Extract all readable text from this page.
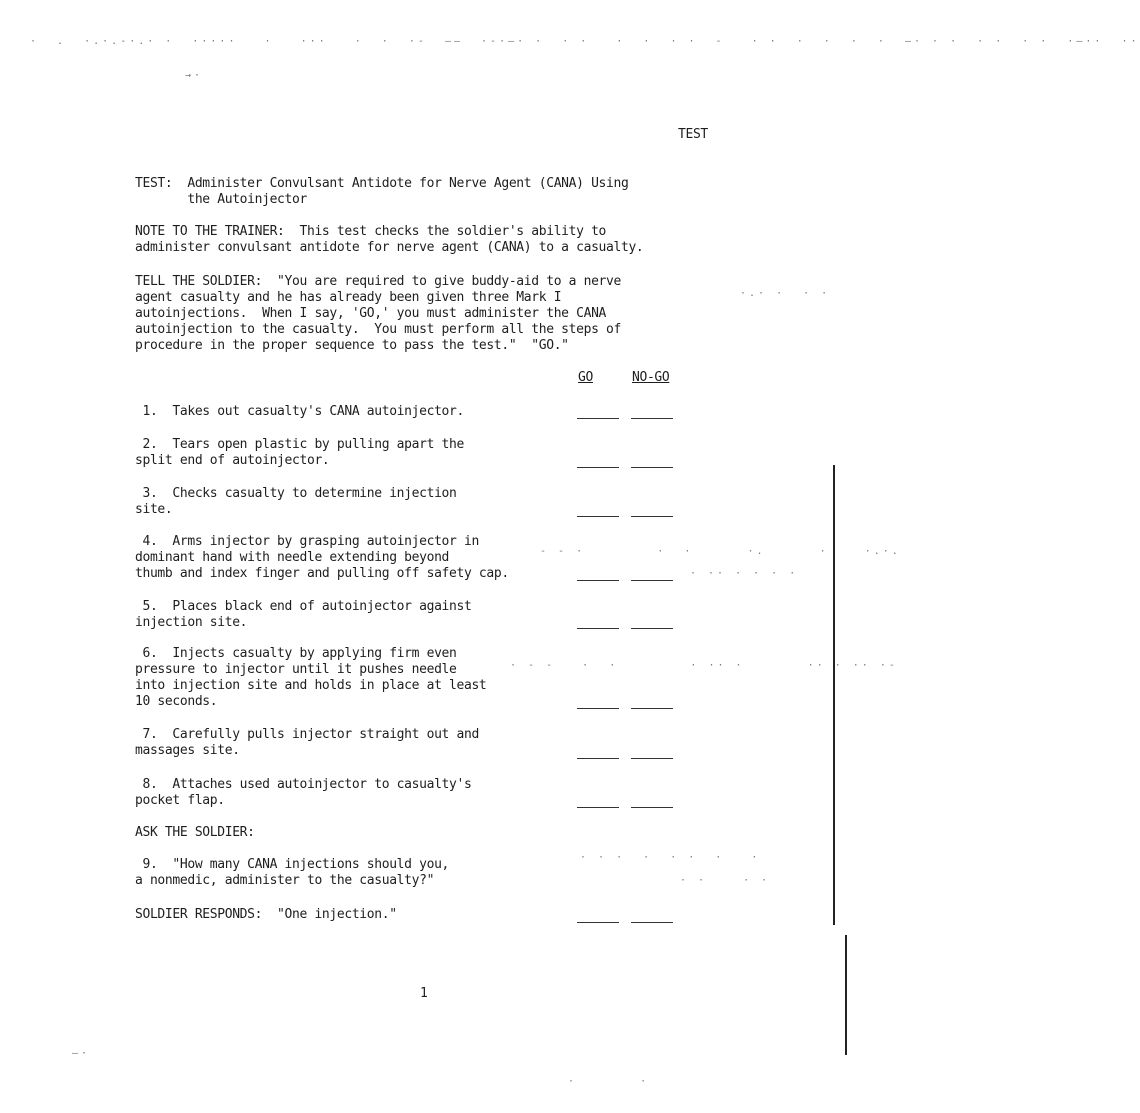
·  .  ·.·.-·.· ·  ·····   ·   ···   ·  ·  ·-  ——  ·-·—· ·  · ·   ·  ·  · ·  -   · ·  ·  ·  ·  ·  —· · ·  · ·  · ·  ·—··  ··
→·
TEST

TEST:  Administer Convulsant Antidote for Nerve Agent (CANA) Using

the Autoinjector

NOTE TO THE TRAINER:  This test checks the soldier's ability to

administer convulsant antidote for nerve agent (CANA) to a casualty.

TELL THE SOLDIER:  "You are required to give buddy-aid to a nerve

agent casualty and he has already been given three Mark I

autoinjections.  When I say, 'GO,' you must administer the CANA

autoinjection to the casualty.  You must perform all the steps of

procedure in the proper sequence to pass the test."  "GO."

GO	NO-GO

1.  Takes out casualty's CANA autoinjector.

2.  Tears open plastic by pulling apart the

split end of autoinjector.

3.  Checks casualty to determine injection

site.

4.  Arms injector by grasping autoinjector in

dominant hand with needle extending beyond

thumb and index finger and pulling off safety cap.

5.  Places black end of autoinjector against

injection site.

6.  Injects casualty by applying firm even

pressure to injector until it pushes needle

into injection site and holds in place at least

10 seconds.

7.  Carefully pulls injector straight out and

massages site.

8.  Attaches used autoinjector to casualty's

pocket flap.

ASK THE SOLDIER:

9.  "How many CANA injections should you,

a nonmedic, administer to the casualty?"

SOLDIER RESPONDS:  "One injection."
1
·.· ·  · ·
- - ·        ·  ·      ·.      ·    ·.·.
· ·· · · · ·
· - -   ·  ·        · ·· ·       ·· · ·· ·-
· · ·  ·  · ·  ·   ·
· ·    · ·
—·
·       ·
